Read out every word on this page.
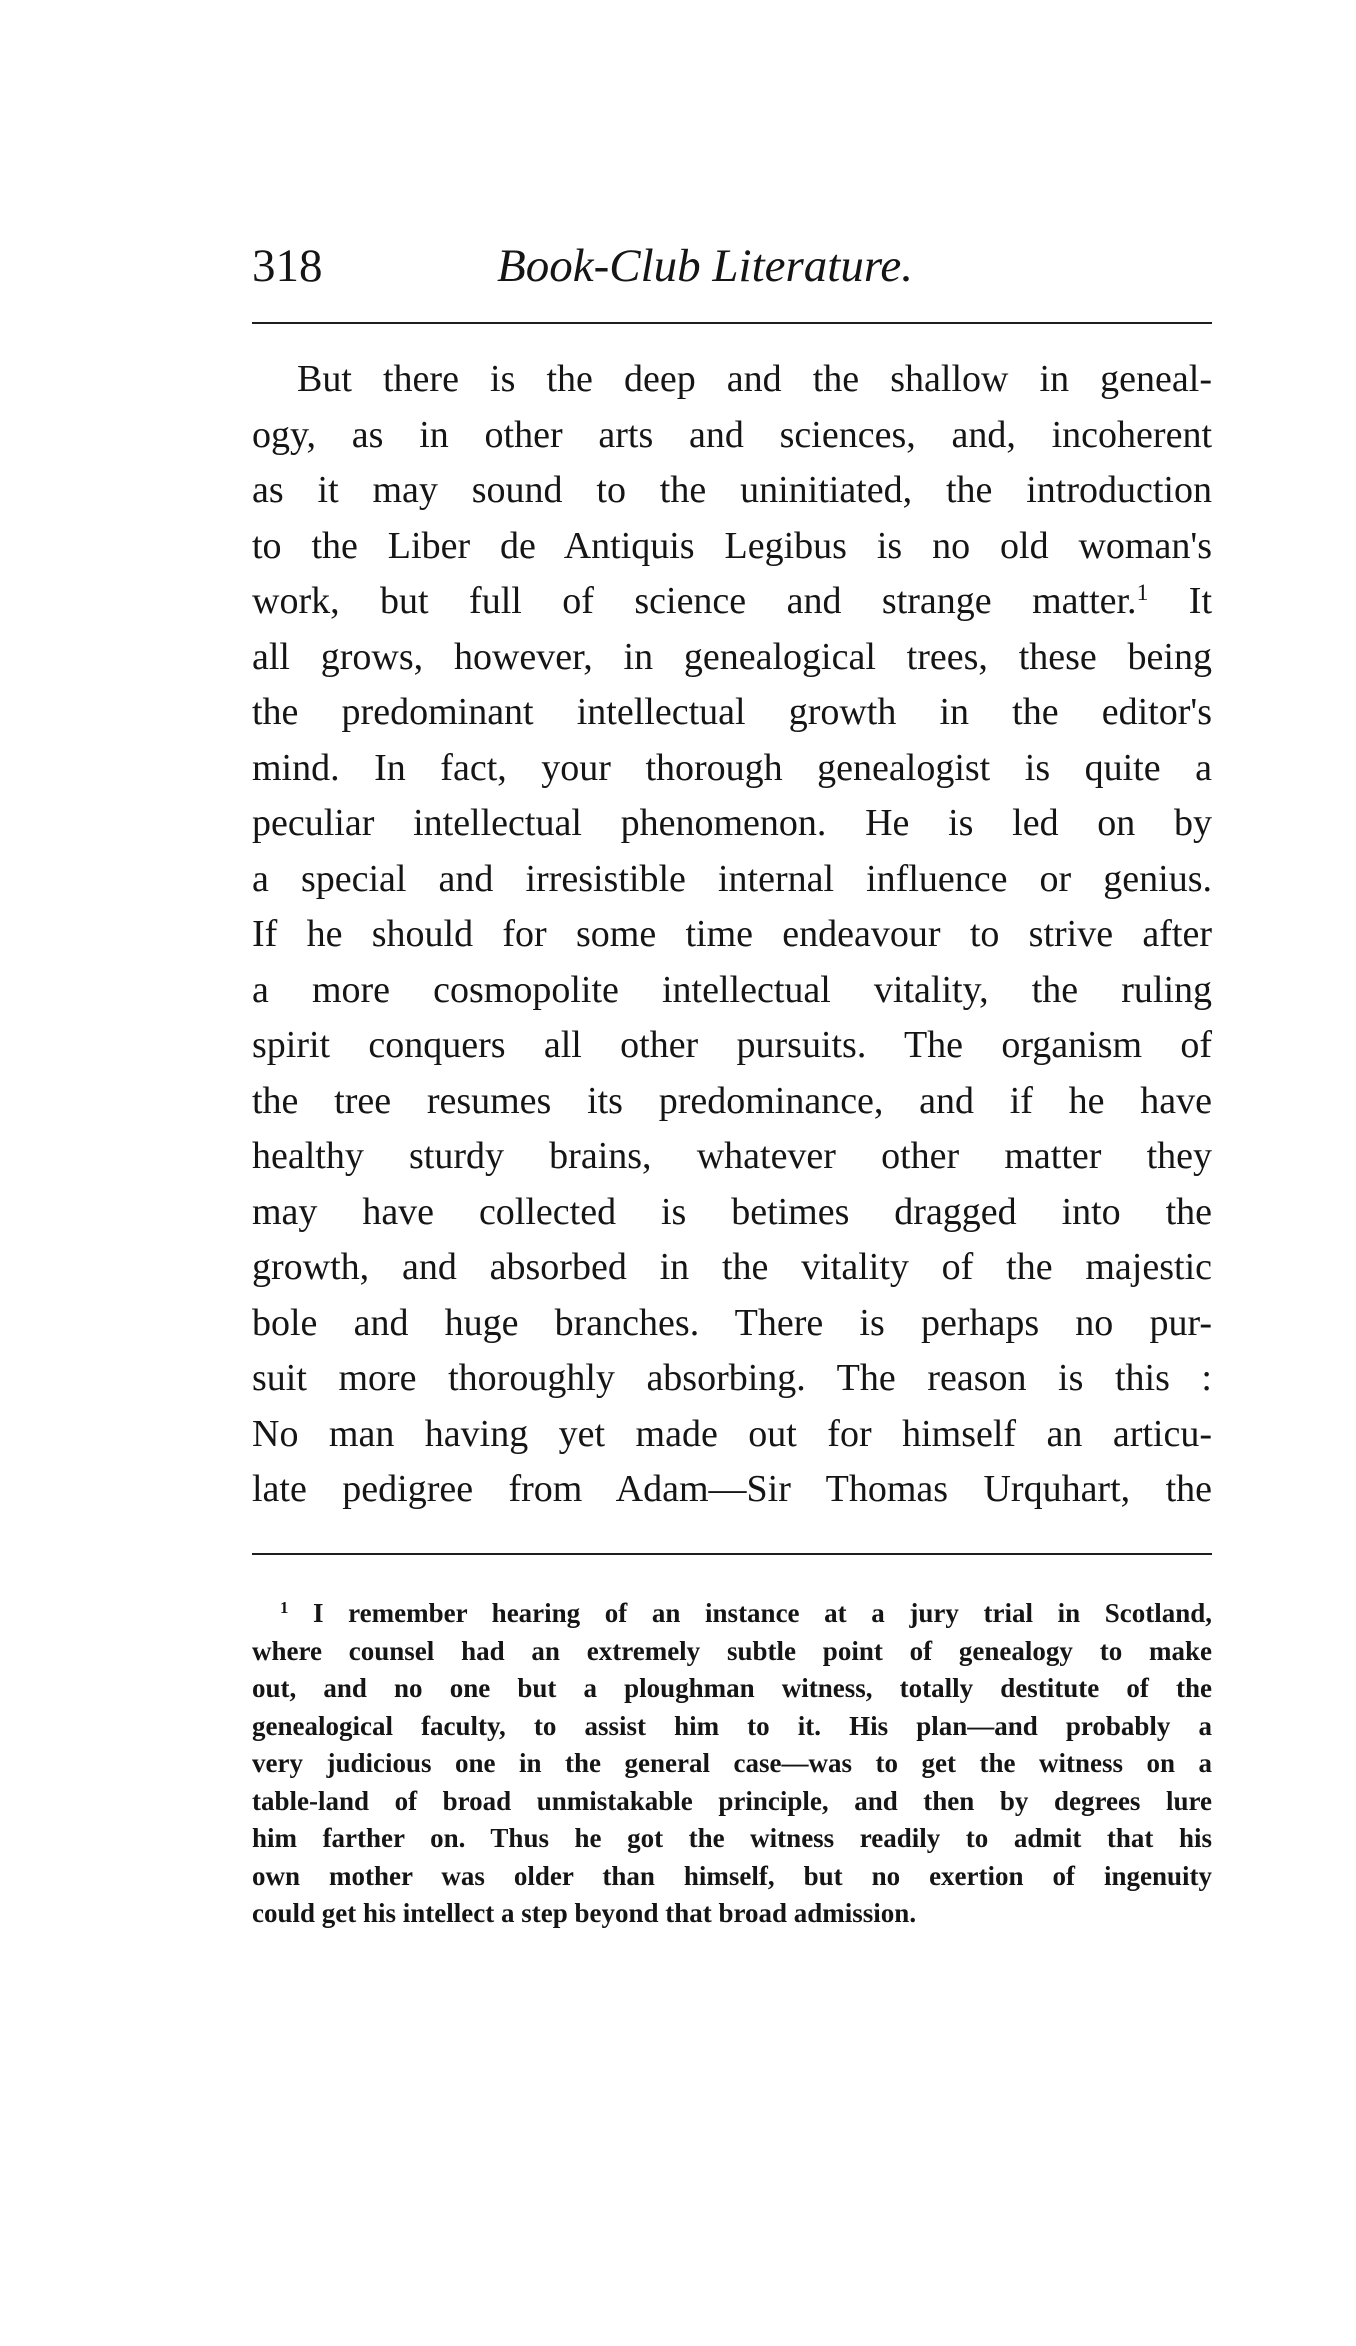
318	Book-Club Literature.
But there is the deep and the shallow in geneal-
ogy, as in other arts and sciences, and, incoherent
as it may sound to the uninitiated, the introduction
to the Liber de Antiquis Legibus is no old woman's
work, but full of science and strange matter.$^1$ It
all grows, however, in genealogical trees, these being
the predominant intellectual growth in the editor's
mind. In fact, your thorough genealogist is quite a
peculiar intellectual phenomenon. He is led on by
a special and irresistible internal influence or genius.
If he should for some time endeavour to strive after
a more cosmopolite intellectual vitality, the ruling
spirit conquers all other pursuits. The organism of
the tree resumes its predominance, and if he have
healthy sturdy brains, whatever other matter they
may have collected is betimes dragged into the
growth, and absorbed in the vitality of the majestic
bole and huge branches. There is perhaps no pur-
suit more thoroughly absorbing. The reason is this :
No man having yet made out for himself an articu-
late pedigree from Adam—Sir Thomas Urquhart, the
$^1$ I remember hearing of an instance at a jury trial in Scotland,
where counsel had an extremely subtle point of genealogy to make
out, and no one but a ploughman witness, totally destitute of the
genealogical faculty, to assist him to it. His plan—and probably a
very judicious one in the general case—was to get the witness on a
table-land of broad unmistakable principle, and then by degrees lure
him farther on. Thus he got the witness readily to admit that his
own mother was older than himself, but no exertion of ingenuity
could get his intellect a step beyond that broad admission.
